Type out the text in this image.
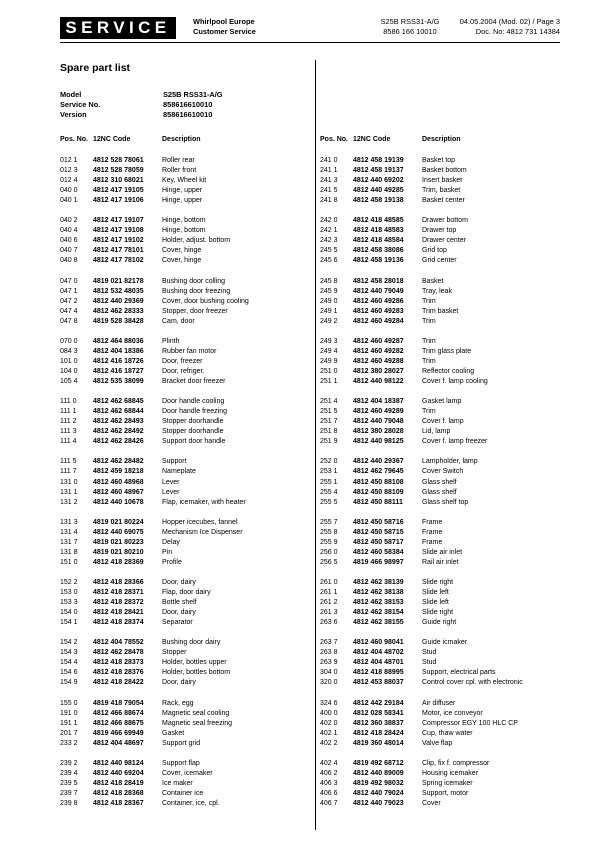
SERVICE	Whirlpool Europe
Customer Service
S25B RSS31-A/G
8586 166 10010
04.05.2004 (Mod. 02) / Page 3
Doc. No: 4812 731 14384
Spare part list
Model	S25B RSS31-A/G
Service No.	858616610010
Version	858616610010
Pos. No. 12NC Code	Description
012 1	4812 528 78061	Roller rear
012 3	4812 528 78059	Roller front
012 4	4812 310 68021	Key, Wheel kit
040 0	4812 417 19105	Hinge, upper
040 1	4812 417 19106	Hinge, upper
040 2	4812 417 19107	Hinge, bottom
040 4	4812 417 19108	Hinge, bottom
040 6	4812 417 19102	Holder, adjust. bottom
040 7	4812 417 78101	Cover, hinge
040 8	4812 417 78102	Cover, hinge
047 0	4819 021 82178	Bushing door colling
047 1	4812 532 48035	Bushing door freezing
047 2	4812 440 29369	Cover, door bushing cooling
047 4	4812 462 28333	Stopper, door freezer
047 8	4819 528 38428	Cam, door
070 0	4812 464 88036	Plinth
084 3	4812 404 18386	Rubber fan motor
101 0	4812 416 18726	Door, freezer
104 0	4812 416 18727	Door, refriger.
105 4	4812 535 38099	Bracket door freezer
111 0	4812 462 68845	Door handle cooling
111 1	4812 462 68844	Door handle freezing
111 2	4812 462 28493	Stopper doorhandle
111 3	4812 462 28492	Stopper doorhandle
111 4	4812 462 28426	Support door handle
111 5	4812 462 28482	Support
111 7	4812 459 18218	Nameplate
131 0	4812 460 48968	Lever
131 1	4812 460 48967	Lever
131 2	4812 440 10678	Flap, icemaker, with heater
131 3	4819 021 80224	Hopper icecubes, fannel
131 4	4812 440 69075	Mechanism Ice Dispenser
131 7	4819 021 80223	Delay
131 8	4819 021 80210	Pin
151 0	4812 418 28369	Profile
152 2	4812 418 28366	Door, dairy
153 0	4812 418 28371	Flap, door dairy
153 3	4812 418 28372	Bottle shelf
154 0	4812 418 28421	Door, dairy
154 1	4812 418 28374	Separator
154 2	4812 404 78552	Bushing door dairy
154 3	4812 462 28478	Stopper
154 4	4812 418 28373	Holder, bottles upper
154 6	4812 418 28376	Holder, bottles bottom
154 9	4812 418 28422	Door, dairy
155 0	4819 418 79054	Rack, egg
191 0	4812 466 88674	Magnetic seal cooling
191 1	4812 466 88675	Magnetic seal freezing
201 7	4819 466 69949	Gasket
233 2	4812 404 48697	Support grid
239 2	4812 440 98124	Support flap
239 4	4812 440 69204	Cover, icemaker
239 5	4812 418 28419	Ice maker
239 7	4812 418 28368	Container ice
239 8	4812 418 28367	Container, ice, cpl.
Pos. No. 12NC Code	Description
241 0	4812 458 19139	Basket top
241 1	4812 458 19137	Basket bottom
241 3	4812 440 69202	Insert basket
241 5	4812 440 49285	Trim, basket
241 8	4812 458 19138	Basket center
242 0	4812 418 48585	Drawer bottom
242 1	4812 418 48583	Drawer top
242 3	4812 418 48584	Drawer center
245 5	4812 458 38086	Grid top
245 6	4812 458 19136	Grid center
245 8	4812 458 28018	Basket
245 9	4812 440 79049	Tray, leak
249 0	4812 460 49286	Trim
249 1	4812 460 49283	Trim basket
249 2	4812 460 49284	Trim
249 3	4812 460 49287	Trim
249 4	4812 460 49282	Trim glass plate
249 9	4812 460 49288	Trim
251 0	4812 380 28027	Reflector cooling
251 1	4812 440 98122	Cover f. lamp cooling
251 4	4812 404 18387	Gasket lamp
251 5	4812 460 49289	Trim
251 7	4812 440 79048	Cover f. lamp
251 8	4812 380 28028	Lid, lamp
251 9	4812 440 98125	Cover f. lamp freezer
252 0	4812 440 29367	Lampholder, lamp
253 1	4812 462 79645	Cover Switch
255 1	4812 450 88108	Glass shelf
255 4	4812 450 88109	Glass shelf
255 5	4812 450 88111	Glass shelf top
255 7	4812 450 58716	Frame
255 8	4812 450 58715	Frame
255 9	4812 450 58717	Frame
256 0	4812 460 58384	Slide air inlet
256 5	4819 466 98997	Rail air inlet
261 0	4812 462 38139	Slide right
261 1	4812 462 38138	Slide left
261 2	4812 462 38153	Slide left
261 3	4812 462 38154	Slide right
263 6	4812 462 38155	Guide right
263 7	4812 460 98041	Guide icmaker
263 8	4812 404 48702	Stud
263 9	4812 404 48701	Stud
304 0	4812 418 88995	Support, electrical parts
320 0	4812 453 88037	Control cover cpl. with electronic
324 6	4812 442 29184	Air diffuser
400 0	4812 028 58341	Motor, ice conveyor
402 0	4812 360 38837	Compressor EGY 100 HLC CP
402 1	4812 418 28424	Cup, thaw water
402 2	4819 360 48014	Valve flap
402 4	4819 492 68712	Clip, fix f. compressor
406 2	4812 440 89009	Housing icemaker
406 3	4819 492 98032	Spring icemaker
406 6	4812 440 79024	Support, motor
406 7	4812 440 79023	Cover
